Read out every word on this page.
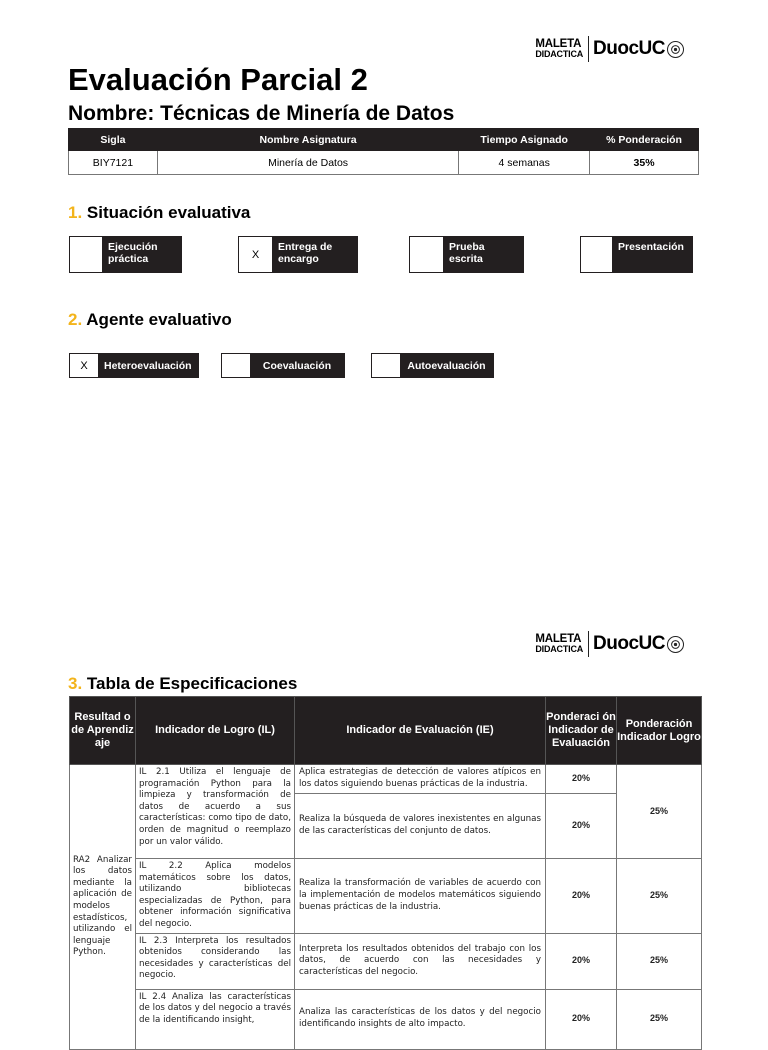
MALETA
DIDACTICA DuocUC
Evaluación Parcial 2
Nombre: Técnicas de Minería de Datos
Sigla	Nombre Asignatura	Tiempo Asignado	% Ponderación
BIY7121	Minería de Datos	4 semanas	35%
1. Situación evaluativa
Ejecución práctica	X
Entrega de encargo
Prueba escrita
Presentación
2. Agente evaluativo
X	Heteroevaluación	Coevaluación	Autoevaluación
MALETA
DIDACTICA DuocUC
3. Tabla de Especificaciones
Resultad o de Aprendiz aje	Indicador de Logro (IL)	Indicador de Evaluación (IE)	Ponderaci ón Indicador de Evaluación	Ponderación Indicador Logro
RA2 Analizar los datos mediante la aplicación de modelos estadísticos, utilizando el lenguaje Python.	IL 2.1 Utiliza el lenguaje de programación Python para la limpieza y transformación de datos de acuerdo a sus características: como tipo de dato, orden de magnitud o reemplazo por un valor válido.	Aplica estrategias de detección de valores atípicos en los datos siguiendo buenas prácticas de la industria.	20%	25%
		Realiza la búsqueda de valores inexistentes en algunas de las características del conjunto de datos.	20%	
	IL 2.2 Aplica modelos matemáticos sobre los datos, utilizando bibliotecas especializadas de Python, para obtener información significativa del negocio.	Realiza la transformación de variables de acuerdo con la implementación de modelos matemáticos siguiendo buenas prácticas de la industria.	20%	25%
	IL 2.3 Interpreta los resultados obtenidos considerando las necesidades y características del negocio.	Interpreta los resultados obtenidos del trabajo con los datos, de acuerdo con las necesidades y características del negocio.	20%	25%
	IL 2.4 Analiza las características de los datos y del negocio a través de la identificando insight,	Analiza las características de los datos y del negocio identificando insights de alto impacto.	20%	25%
